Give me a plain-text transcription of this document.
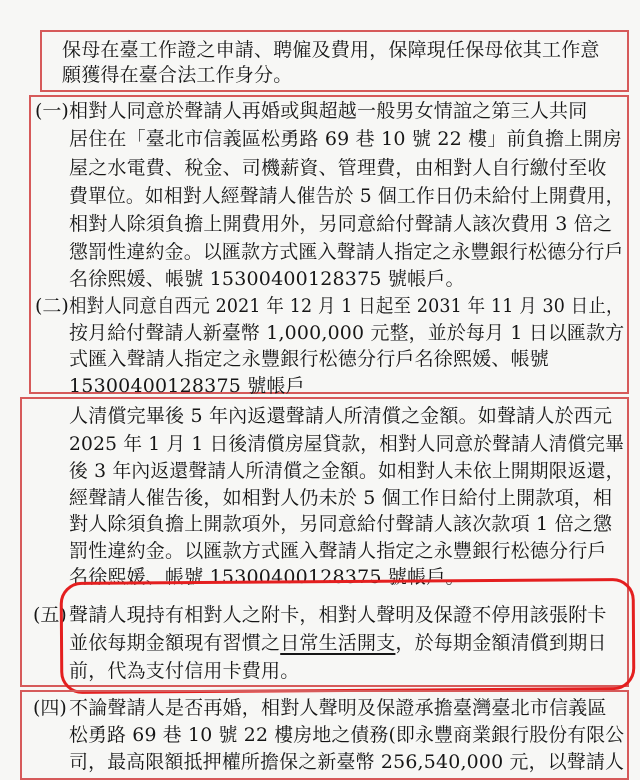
保母在臺工作證之申請、聘僱及費用，保障現任保母依其工作意
願獲得在臺合法工作身分。
(一) 相對人同意於聲請人再婚或與超越一般男女情誼之第三人共同
居住在「臺北市信義區松勇路 69 巷 10 號 22 樓」前負擔上開房
屋之水電費、稅金、司機薪資、管理費，由相對人自行繳付至收
費單位。如相對人經聲請人催告於 5 個工作日仍未給付上開費用，
相對人除須負擔上開費用外，另同意給付聲請人該次費用 3 倍之
懲罰性違約金。以匯款方式匯入聲請人指定之永豐銀行松德分行戶
名徐熙媛、帳號 15300400128375 號帳戶。
(二) 相對人同意自西元 2021 年 12 月 1 日起至 2031 年 11 月 30 日止，
按月給付聲請人新臺幣 1,000,000 元整，並於每月 1 日以匯款方
式匯入聲請人指定之永豐銀行松德分行戶名徐熙媛、帳號
15300400128375 號帳戶
人清償完畢後 5 年內返還聲請人所清償之金額。如聲請人於西元
2025 年 1 月 1 日後清償房屋貸款，相對人同意於聲請人清償完畢
後 3 年內返還聲請人所清償之金額。如相對人未依上開期限返還，
經聲請人催告後，如相對人仍未於 5 個工作日給付上開款項，相
對人除須負擔上開款項外，另同意給付聲請人該次款項 1 倍之懲
罰性違約金。以匯款方式匯入聲請人指定之永豐銀行松德分行戶
名徐熙媛、帳號 15300400128375 號帳戶。
(五) 聲請人現持有相對人之附卡，相對人聲明及保證不停用該張附卡
並依每期金額現有習慣之日常生活開支，於每期金額清償到期日
前，代為支付信用卡費用。
(四) 不論聲請人是否再婚，相對人聲明及保證承擔臺灣臺北市信義區
松勇路 69 巷 10 號 22 樓房地之債務(即永豐商業銀行股份有限公
司，最高限額抵押權所擔保之新臺幣 256,540,000 元，以聲請人
